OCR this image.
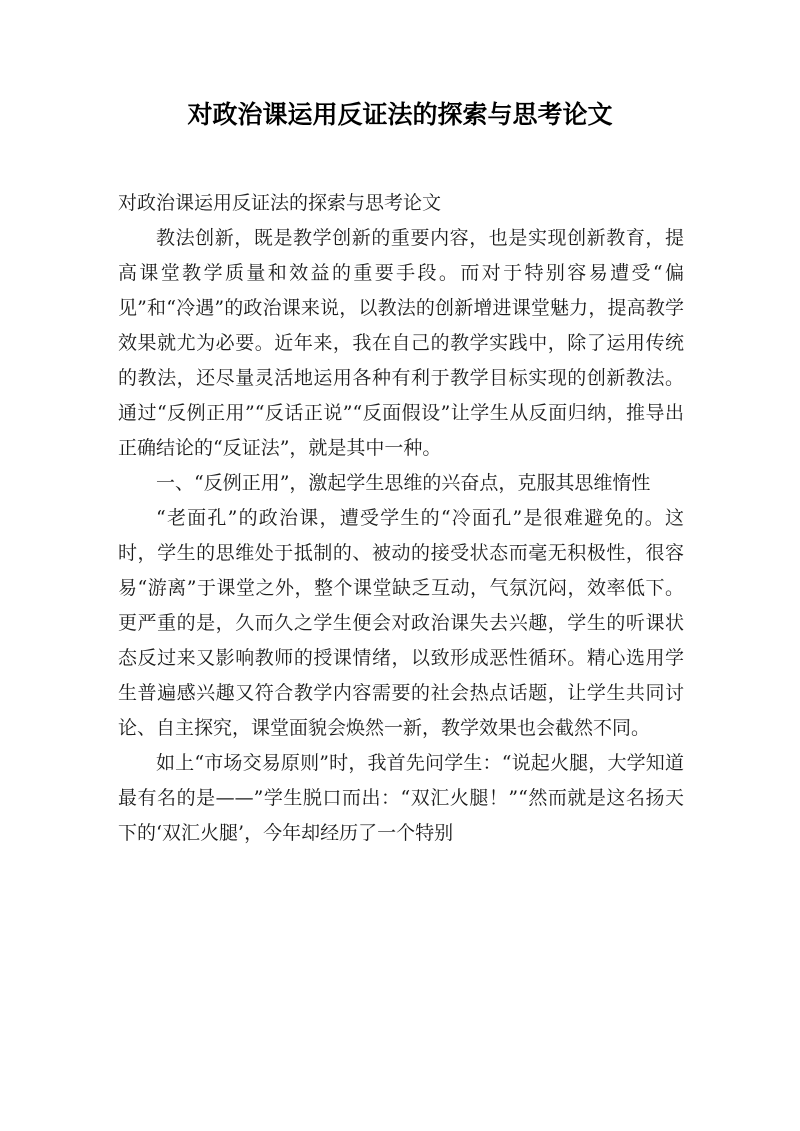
对政治课运用反证法的探索与思考论文

对政治课运用反证法的探索与思考论文

教法创新，既是教学创新的重要内容，也是实现创新教育，提高课堂教学质量和效益的重要手段。而对于特别容易遭受“偏见”和“冷遇”的政治课来说，以教法的创新增进课堂魅力，提高教学效果就尤为必要。近年来，我在自己的教学实践中，除了运用传统的教法，还尽量灵活地运用各种有利于教学目标实现的创新教法。通过“反例正用”“反话正说”“反面假设”让学生从反面归纳，推导出正确结论的“反证法”，就是其中一种。

一、“反例正用”，激起学生思维的兴奋点，克服其思维惰性

“老面孔”的政治课，遭受学生的“冷面孔”是很难避免的。这时，学生的思维处于抵制的、被动的接受状态而毫无积极性，很容易“游离”于课堂之外，整个课堂缺乏互动，气氛沉闷，效率低下。更严重的是，久而久之学生便会对政治课失去兴趣，学生的听课状态反过来又影响教师的授课情绪，以致形成恶性循环。精心选用学生普遍感兴趣又符合教学内容需要的社会热点话题，让学生共同讨论、自主探究，课堂面貌会焕然一新，教学效果也会截然不同。

如上“市场交易原则”时，我首先问学生：“说起火腿，大学知道最有名的是——”学生脱口而出：“双汇火腿！”“然而就是这名扬天下的‘双汇火腿’，今年却经历了一个特别
